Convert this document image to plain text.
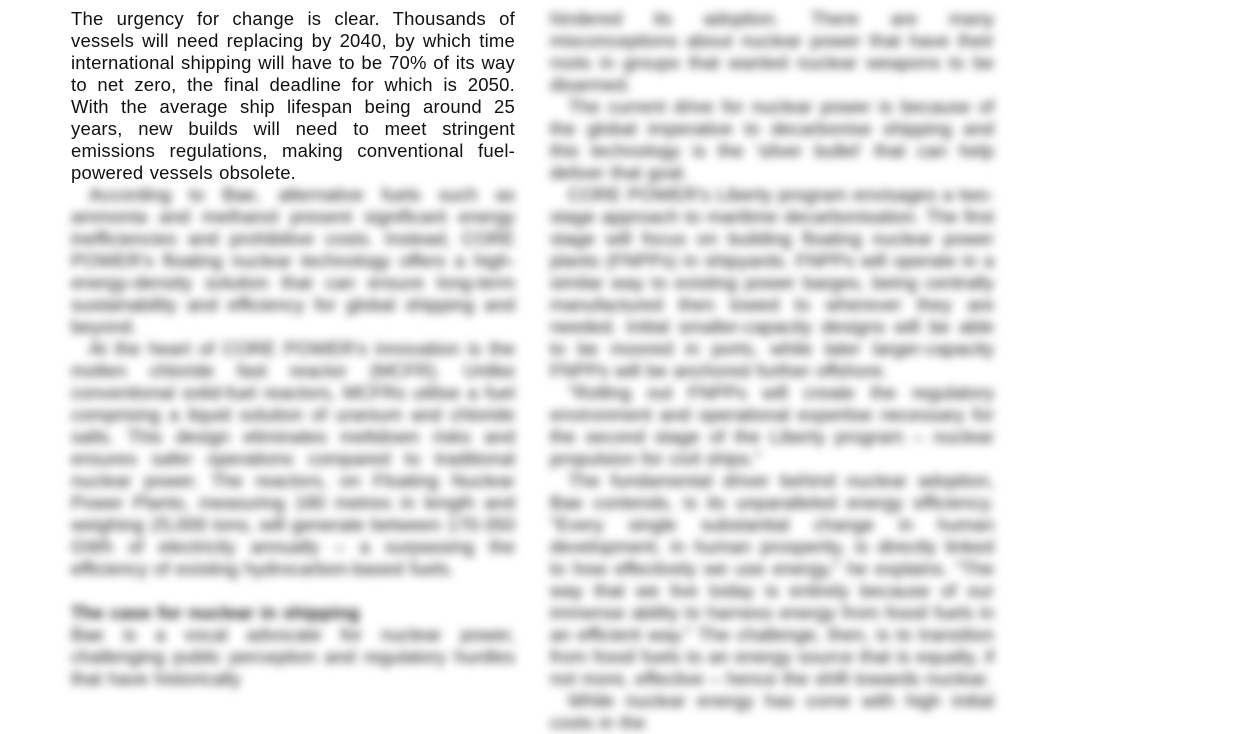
The urgency for change is clear. Thousands of vessels will need replacing by 2040, by which time international shipping will have to be 70% of its way to net zero, the final deadline for which is 2050. With the average ship lifespan being around 25 years, new builds will need to meet stringent emissions regulations, making conventional fuel-powered vessels obsolete.

According to Bae, alternative fuels such as ammonia and methanol present significant energy inefficiencies and prohibitive costs. Instead, CORE POWER's floating nuclear technology offers a high-energy-density solution that can ensure long-term sustainability and efficiency for global shipping and beyond.

At the heart of CORE POWER's innovation is the molten chloride fast reactor (MCFR). Unlike conventional solid-fuel reactors, MCFRs utilise a fuel comprising a liquid solution of uranium and chloride salts. This design eliminates meltdown risks and ensures safer operations compared to traditional nuclear power. The reactors, on Floating Nuclear Power Plants, measuring 180 metres in length and weighing 25,000 tons, will generate between 170-350 GWh of electricity annually – a surpassing the efficiency of existing hydrocarbon-based fuels.

The case for nuclear in shipping

Bae is a vocal advocate for nuclear power, challenging public perception and regulatory hurdles that have historically

hindered its adoption. There are many misconceptions about nuclear power that have their roots in groups that wanted nuclear weapons to be disarmed.

The current drive for nuclear power is because of the global imperative to decarbonise shipping and this technology is the 'silver bullet' that can help deliver that goal.

CORE POWER's Liberty program envisages a two-stage approach to maritime decarbonisation. The first stage will focus on building floating nuclear power plants (FNPPs) in shipyards. FNPPs will operate in a similar way to existing power barges, being centrally manufactured then towed to wherever they are needed. Initial smaller-capacity designs will be able to be moored in ports, while later larger-capacity FNPPs will be anchored further offshore.

"Rolling out FNPPs will create the regulatory environment and operational expertise necessary for the second stage of the Liberty program – nuclear propulsion for civil ships."

The fundamental driver behind nuclear adoption, Bae contends, is its unparalleled energy efficiency. "Every single substantial change in human development, in human prosperity, is directly linked to how effectively we use energy," he explains. "The way that we live today is entirely because of our immense ability to harness energy from fossil fuels in an efficient way." The challenge, then, is to transition from fossil fuels to an energy source that is equally, if not more, effective – hence the shift towards nuclear.

While nuclear energy has come with high initial costs in the
